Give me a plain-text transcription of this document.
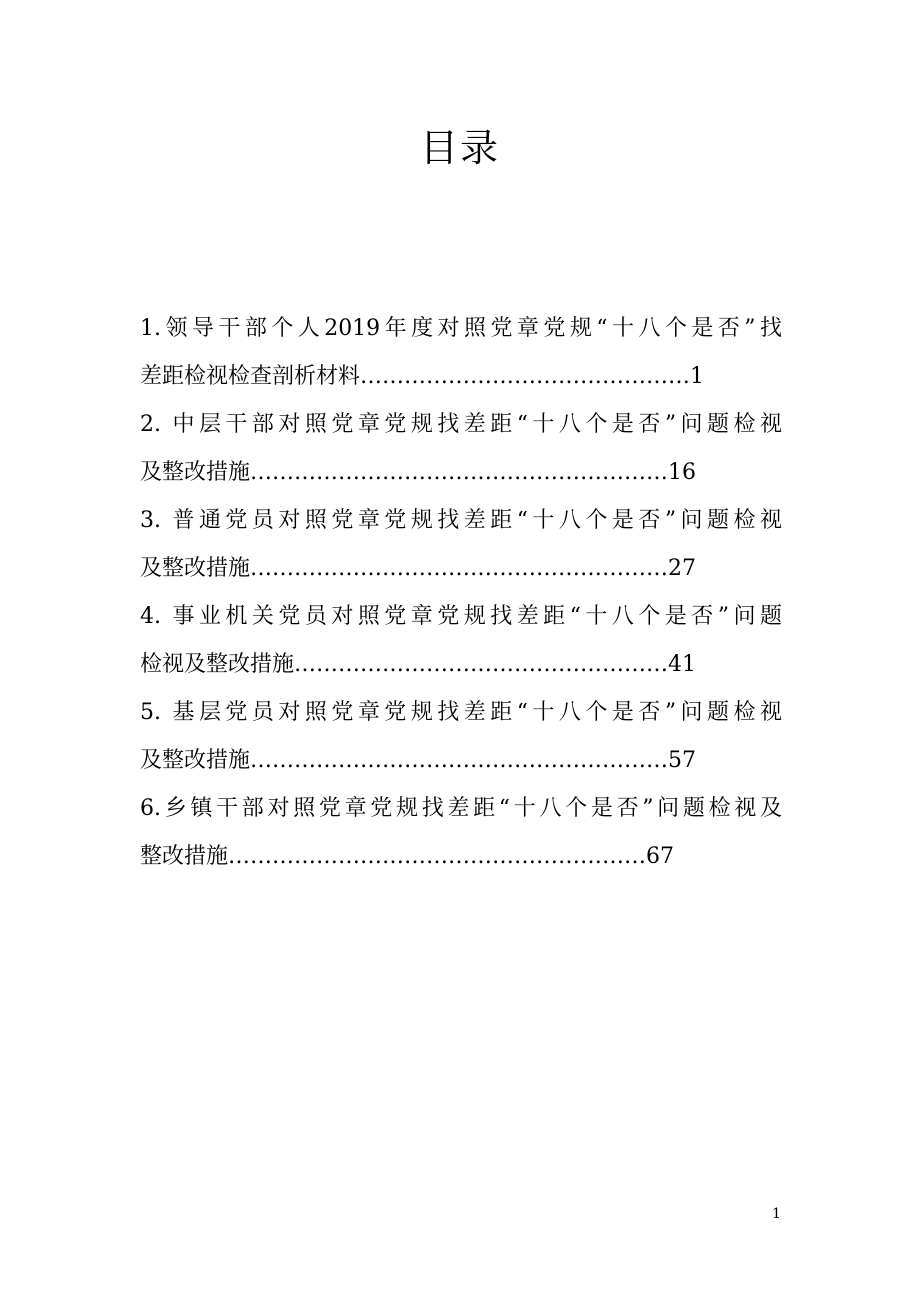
目录
1.领导干部个人2019年度对照党章党规“十八个是否”找
差距检视检查剖析材料 ……………………………………… 1
2. 中层干部对照党章党规找差距“十八个是否”问题检视
及整改措施 ………………………………………………… 16
3. 普通党员对照党章党规找差距“十八个是否”问题检视
及整改措施 ………………………………………………… 27
4. 事业机关党员对照党章党规找差距“十八个是否”问题
检视及整改措施 …………………………………………… 41
5. 基层党员对照党章党规找差距“十八个是否”问题检视
及整改措施 ………………………………………………… 57
6.乡镇干部对照党章党规找差距“十八个是否”问题检视及
整改措施 ………………………………………………… 67
1
